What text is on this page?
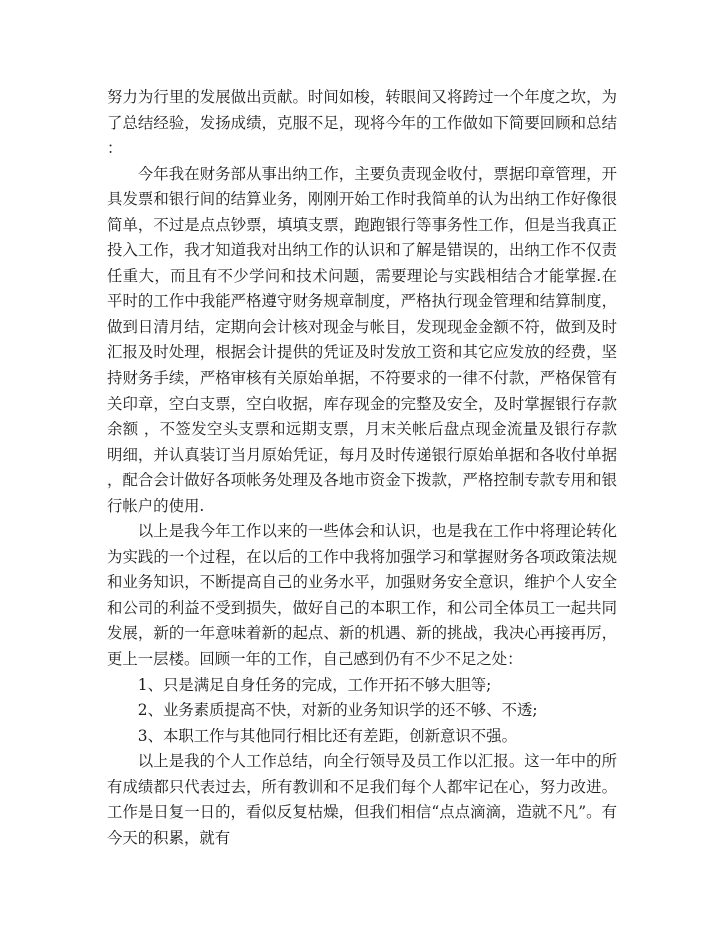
努力为行里的发展做出贡献。时间如梭，转眼间又将跨过一个年度之坎，为了总结经验，发扬成绩，克服不足，现将今年的工作做如下简要回顾和总结：

今年我在财务部从事出纳工作，主要负责现金收付，票据印章管理，开具发票和银行间的结算业务，刚刚开始工作时我简单的认为出纳工作好像很简单，不过是点点钞票，填填支票，跑跑银行等事务性工作，但是当我真正投入工作，我才知道我对出纳工作的认识和了解是错误的，出纳工作不仅责任重大，而且有不少学问和技术问题，需要理论与实践相结合才能掌握.在平时的工作中我能严格遵守财务规章制度，严格执行现金管理和结算制度，做到日清月结，定期向会计核对现金与帐目，发现现金金额不符，做到及时汇报及时处理，根据会计提供的凭证及时发放工资和其它应发放的经费，坚持财务手续，严格审核有关原始单据，不符要求的一律不付款，严格保管有关印章，空白支票，空白收据，库存现金的完整及安全，及时掌握银行存款余额 ，不签发空头支票和远期支票，月末关帐后盘点现金流量及银行存款明细，并认真装订当月原始凭证，每月及时传递银行原始单据和各收付单据，配合会计做好各项帐务处理及各地市资金下拨款，严格控制专款专用和银行帐户的使用.

以上是我今年工作以来的一些体会和认识，也是我在工作中将理论转化为实践的一个过程，在以后的工作中我将加强学习和掌握财务各项政策法规和业务知识，不断提高自己的业务水平，加强财务安全意识，维护个人安全和公司的利益不受到损失，做好自己的本职工作，和公司全体员工一起共同发展，新的一年意味着新的起点、新的机遇、新的挑战，我决心再接再厉，更上一层楼。回顾一年的工作，自己感到仍有不少不足之处：

1、只是满足自身任务的完成，工作开拓不够大胆等;

2、业务素质提高不快，对新的业务知识学的还不够、不透;

3、本职工作与其他同行相比还有差距，创新意识不强。

以上是我的个人工作总结，向全行领导及员工作以汇报。这一年中的所有成绩都只代表过去，所有教训和不足我们每个人都牢记在心，努力改进。工作是日复一日的，看似反复枯燥，但我们相信“点点滴滴，造就不凡”。有今天的积累，就有
